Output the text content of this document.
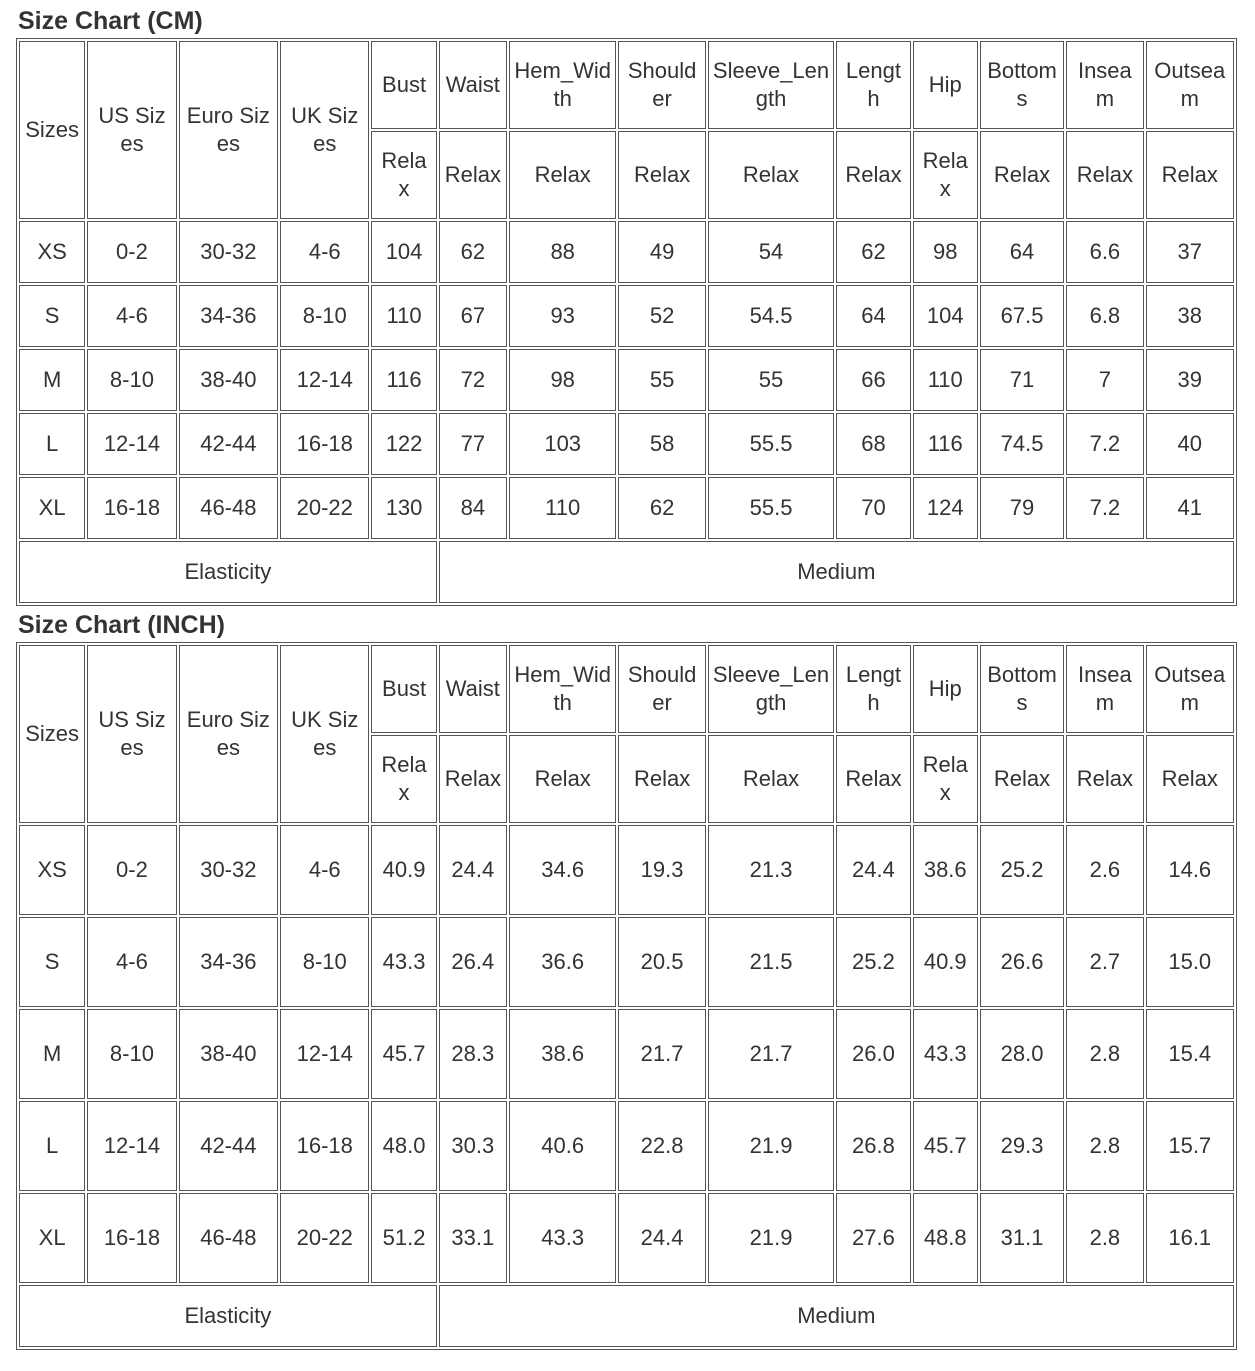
Size Chart (CM)
Sizes	US Sizes	Euro Sizes	UK Sizes	Bust	Waist	Hem_Width	Shoulder	Sleeve_Length	Length	Hip	Bottoms	Inseam	Outseam
				Relax	Relax	Relax	Relax	Relax	Relax	Relax	Relax	Relax	Relax
XS	0-2	30-32	4-6	104	62	88	49	54	62	98	64	6.6	37
S	4-6	34-36	8-10	110	67	93	52	54.5	64	104	67.5	6.8	38
M	8-10	38-40	12-14	116	72	98	55	55	66	110	71	7	39
L	12-14	42-44	16-18	122	77	103	58	55.5	68	116	74.5	7.2	40
XL	16-18	46-48	20-22	130	84	110	62	55.5	70	124	79	7.2	41
Elasticity					Medium								
Size Chart (INCH)
Sizes	US Sizes	Euro Sizes	UK Sizes	Bust	Waist	Hem_Width	Shoulder	Sleeve_Length	Length	Hip	Bottoms	Inseam	Outseam
				Relax	Relax	Relax	Relax	Relax	Relax	Relax	Relax	Relax	Relax
XS	0-2	30-32	4-6	40.9	24.4	34.6	19.3	21.3	24.4	38.6	25.2	2.6	14.6
S	4-6	34-36	8-10	43.3	26.4	36.6	20.5	21.5	25.2	40.9	26.6	2.7	15.0
M	8-10	38-40	12-14	45.7	28.3	38.6	21.7	21.7	26.0	43.3	28.0	2.8	15.4
L	12-14	42-44	16-18	48.0	30.3	40.6	22.8	21.9	26.8	45.7	29.3	2.8	15.7
XL	16-18	46-48	20-22	51.2	33.1	43.3	24.4	21.9	27.6	48.8	31.1	2.8	16.1
Elasticity					Medium								
